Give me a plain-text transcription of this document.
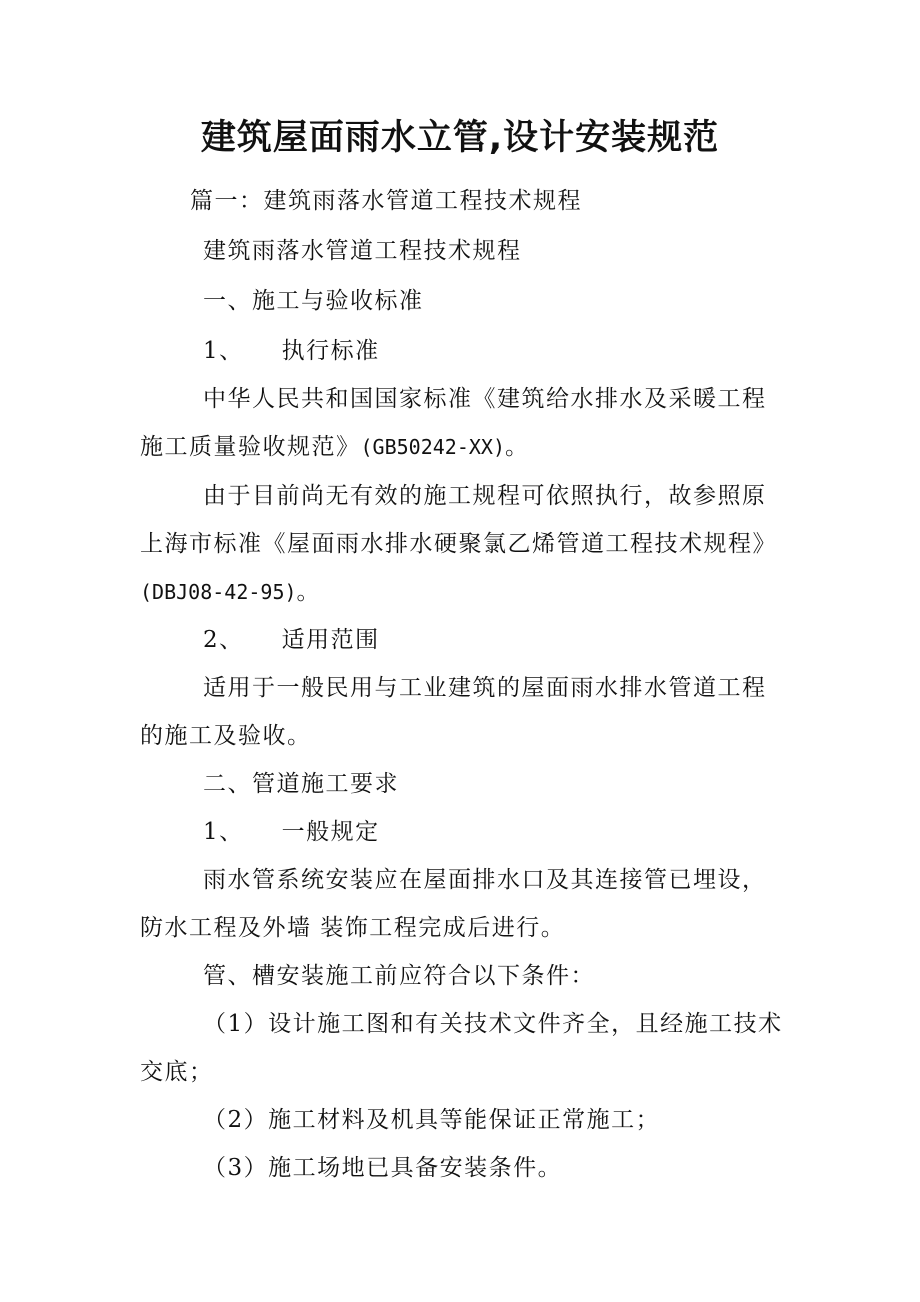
建筑屋面雨水立管,设计安装规范
篇一：建筑雨落水管道工程技术规程
建筑雨落水管道工程技术规程
一、施工与验收标准
1、 执行标准
中华人民共和国国家标准《建筑给水排水及采暖工程
施工质量验收规范》(GB50242-XX)。
由于目前尚无有效的施工规程可依照执行，故参照原
上海市标准《屋面雨水排水硬聚氯乙烯管道工程技术规程》
(DBJ08-42-95)。
2、 适用范围
适用于一般民用与工业建筑的屋面雨水排水管道工程
的施工及验收。
二、管道施工要求
1、 一般规定
雨水管系统安装应在屋面排水口及其连接管已埋设，
防水工程及外墙 装饰工程完成后进行。
管、槽安装施工前应符合以下条件：
（1）设计施工图和有关技术文件齐全，且经施工技术
交底；
（2）施工材料及机具等能保证正常施工；
（3）施工场地已具备安装条件。
